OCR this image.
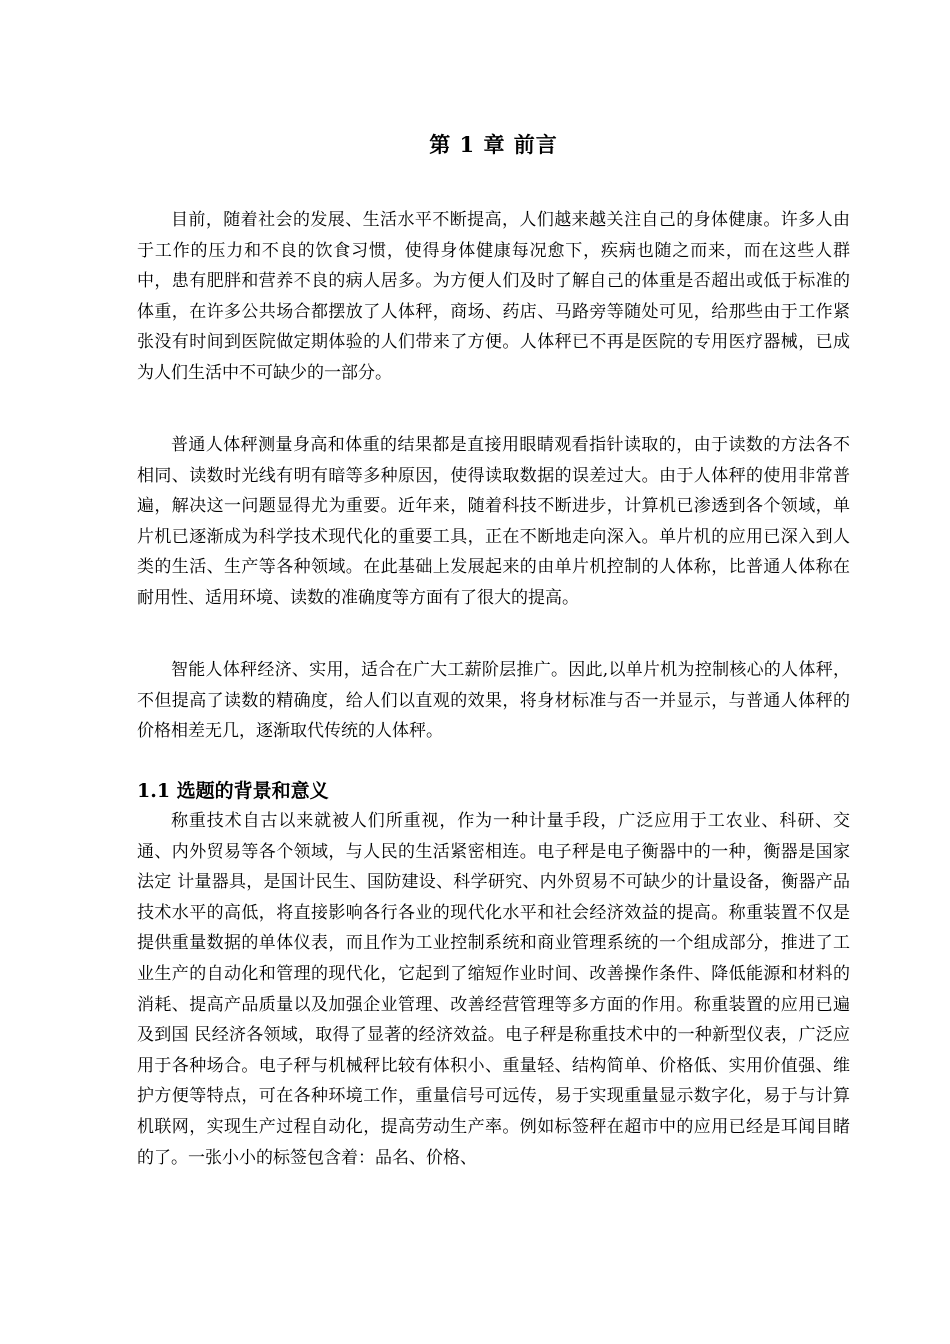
第 1 章 前言

目前，随着社会的发展、生活水平不断提高，人们越来越关注自己的身体健康。许多人由于工作的压力和不良的饮食习惯，使得身体健康每况愈下，疾病也随之而来，而在这些人群中，患有肥胖和营养不良的病人居多。为方便人们及时了解自己的体重是否超出或低于标准的体重，在许多公共场合都摆放了人体秤，商场、药店、马路旁等随处可见，给那些由于工作紧张没有时间到医院做定期体验的人们带来了方便。人体秤已不再是医院的专用医疗器械，已成为人们生活中不可缺少的一部分。

普通人体秤测量身高和体重的结果都是直接用眼睛观看指针读取的，由于读数的方法各不相同、读数时光线有明有暗等多种原因，使得读取数据的误差过大。由于人体秤的使用非常普遍，解决这一问题显得尤为重要。近年来，随着科技不断进步，计算机已渗透到各个领域，单片机已逐渐成为科学技术现代化的重要工具，正在不断地走向深入。单片机的应用已深入到人类的生活、生产等各种领域。在此基础上发展起来的由单片机控制的人体称，比普通人体称在耐用性、适用环境、读数的准确度等方面有了很大的提高。

智能人体秤经济、实用，适合在广大工薪阶层推广。因此,以单片机为控制核心的人体秤，不但提高了读数的精确度，给人们以直观的效果，将身材标准与否一并显示，与普通人体秤的价格相差无几，逐渐取代传统的人体秤。

1.1 选题的背景和意义

称重技术自古以来就被人们所重视，作为一种计量手段，广泛应用于工农业、科研、交通、内外贸易等各个领域，与人民的生活紧密相连。电子秤是电子衡器中的一种，衡器是国家法定 计量器具，是国计民生、国防建设、科学研究、内外贸易不可缺少的计量设备，衡器产品技术水平的高低，将直接影响各行各业的现代化水平和社会经济效益的提高。称重装置不仅是提供重量数据的单体仪表，而且作为工业控制系统和商业管理系统的一个组成部分，推进了工业生产的自动化和管理的现代化，它起到了缩短作业时间、改善操作条件、降低能源和材料的消耗、提高产品质量以及加强企业管理、改善经营管理等多方面的作用。称重装置的应用已遍及到国 民经济各领域，取得了显著的经济效益。电子秤是称重技术中的一种新型仪表，广泛应用于各种场合。电子秤与机械秤比较有体积小、重量轻、结构简单、价格低、实用价值强、维护方便等特点，可在各种环境工作，重量信号可远传，易于实现重量显示数字化，易于与计算机联网，实现生产过程自动化，提高劳动生产率。例如标签秤在超市中的应用已经是耳闻目睹的了。一张小小的标签包含着：品名、价格、
